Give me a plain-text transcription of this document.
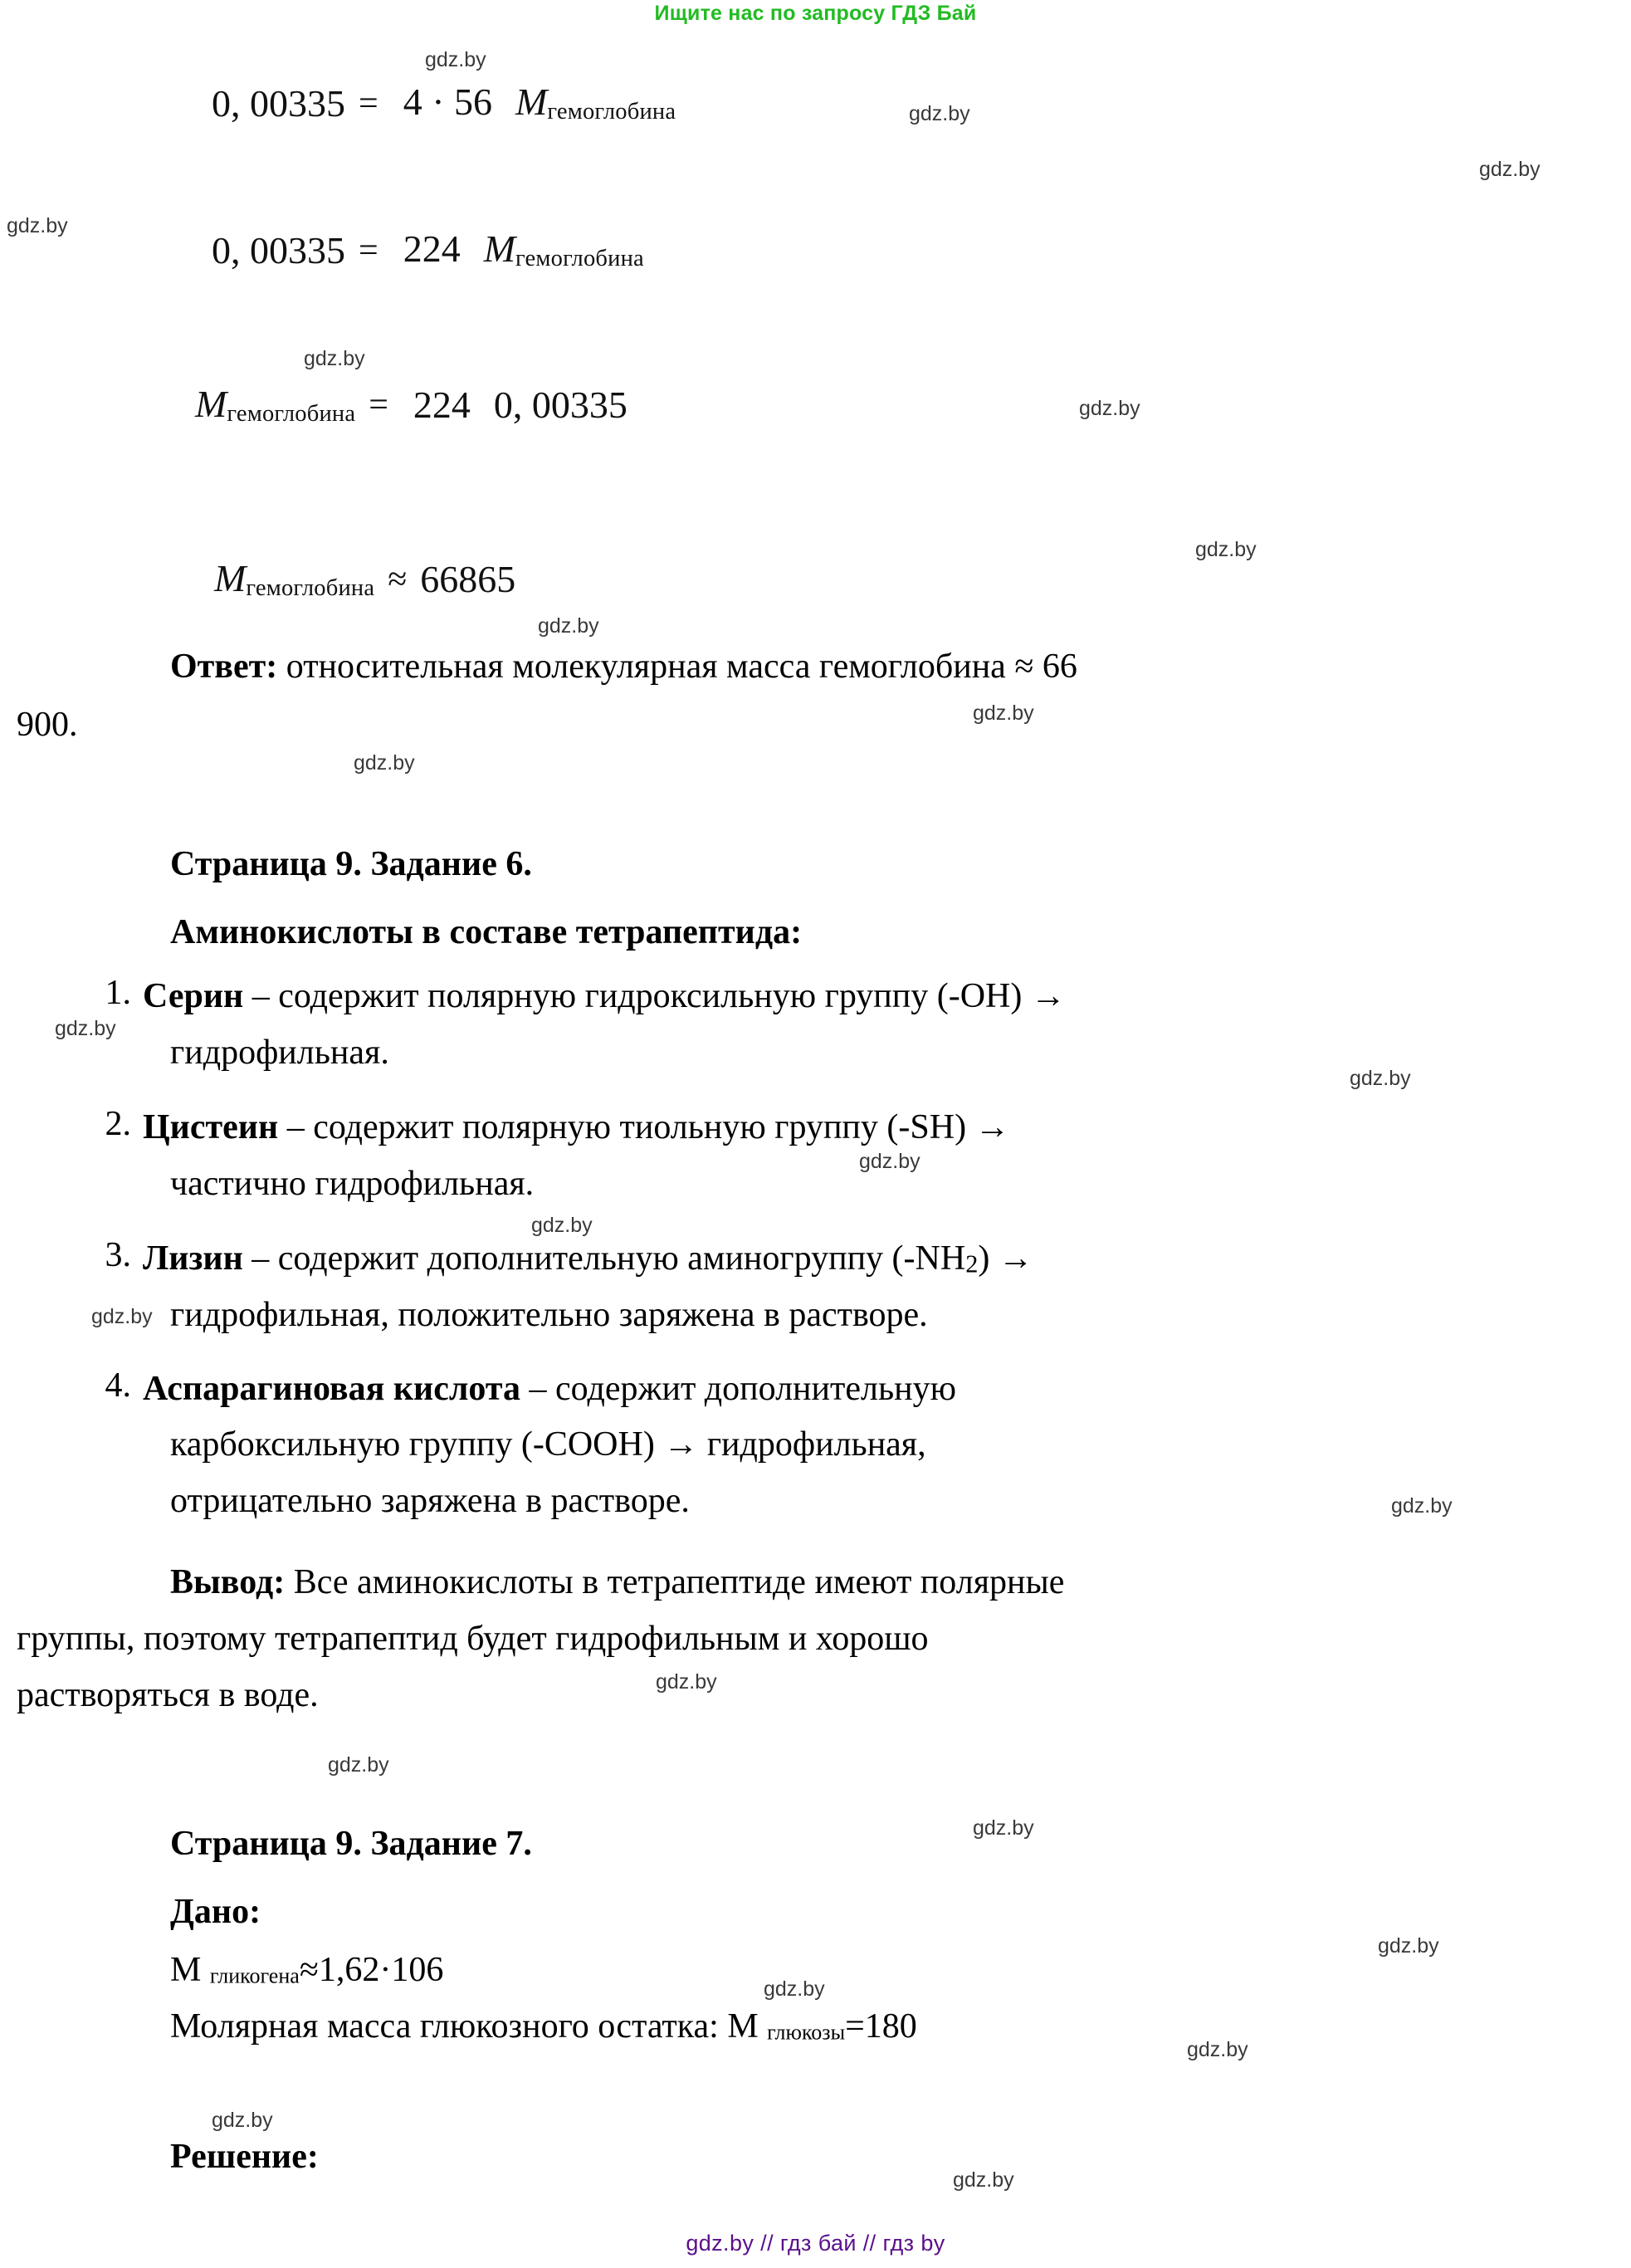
Ищите нас по запросу ГДЗ Бай
gdz.by
gdz.by
gdz.by
gdz.by
gdz.by
gdz.by
gdz.by
gdz.by
gdz.by
gdz.by
gdz.by
gdz.by
gdz.by
gdz.by
gdz.by
gdz.by
gdz.by
gdz.by
gdz.by
gdz.by
gdz.by
gdz.by
gdz.by
gdz.by
0, 00335 = 4 · 56 Mгемоглобина
0, 00335 = 224 Mгемоглобина
Mгемоглобина = 224 0, 00335
Mгемоглобина ≈ 66865
Ответ: относительная молекулярная масса гемоглобина ≈ 66
900.
Страница 9. Задание 6.
Аминокислоты в составе тетрапептида:
1. Серин – содержит полярную гидроксильную группу (-ОН) →
гидрофильная.
2. Цистеин – содержит полярную тиольную группу (-SH) →
частично гидрофильная.
3. Лизин – содержит дополнительную аминогруппу (-NH2) →
гидрофильная, положительно заряжена в растворе.
4. Аспарагиновая кислота – содержит дополнительную
карбоксильную группу (-СООН) → гидрофильная,
отрицательно заряжена в растворе.
Вывод: Все аминокислоты в тетрапептиде имеют полярные
группы, поэтому тетрапептид будет гидрофильным и хорошо
растворяться в воде.
Страница 9. Задание 7.
Дано:
M гликогена≈1,62·106
Молярная масса глюкозного остатка: M глюкозы=180
Решение:
gdz.by // гдз бай // гдз by
